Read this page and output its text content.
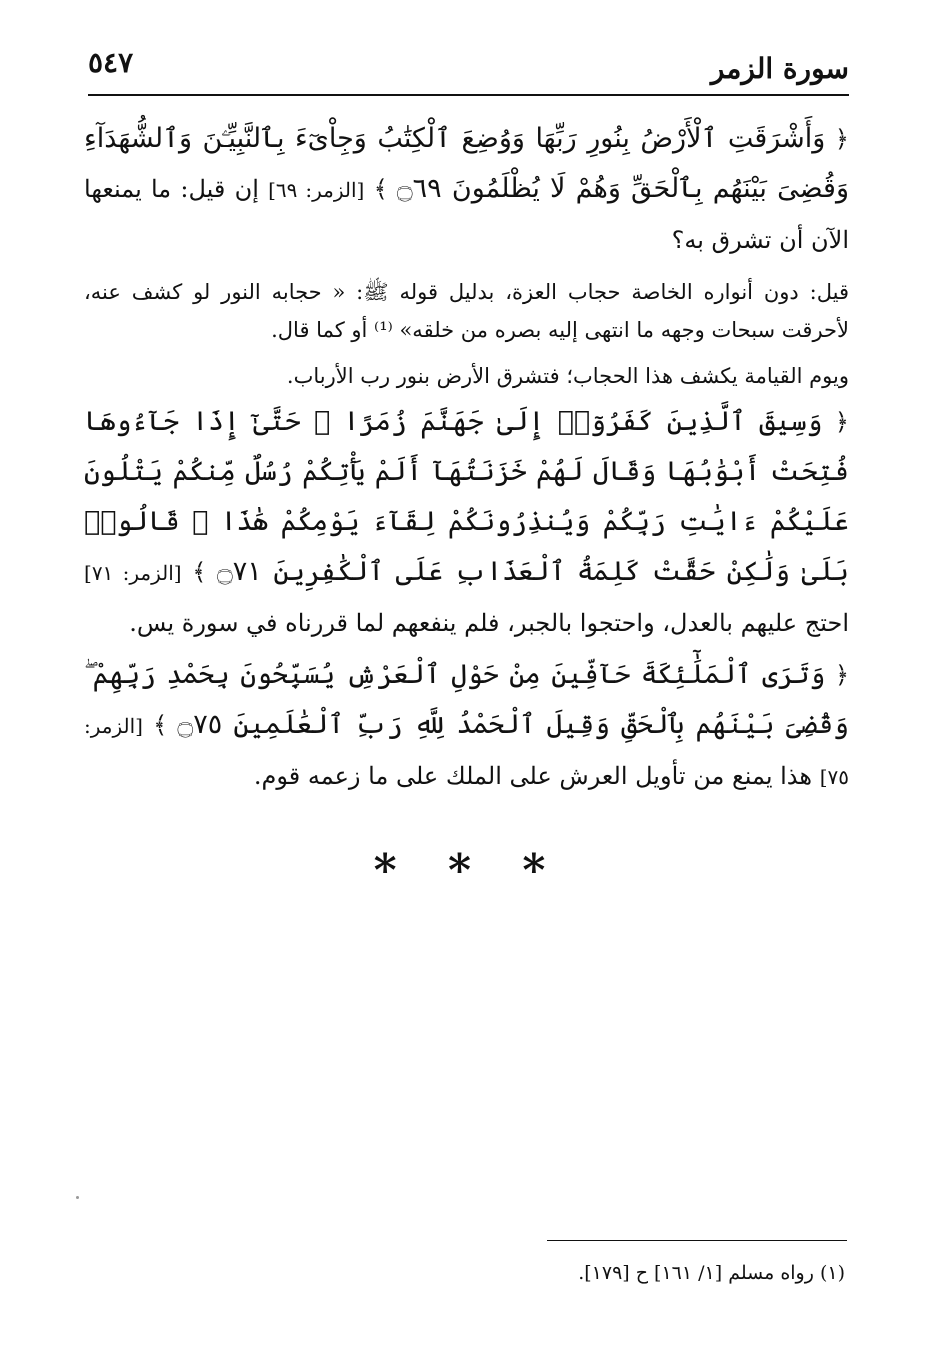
سورة الزمر
٥٤٧

﴿ وَأَشْرَقَتِ ٱلْأَرْضُ بِنُورِ رَبِّهَا وَوُضِعَ ٱلْكِتَٰبُ وَجِاْىٓءَ بِٱلنَّبِيِّـۧنَ وَٱلشُّهَدَآءِ وَقُضِىَ بَيْنَهُم بِٱلْحَقِّ وَهُمْ لَا يُظْلَمُونَ ۝٦٩ ﴾ [الزمر: ٦٩] إن قيل: ما يمنعها الآن أن تشرق به؟

قيل: دون أنواره الخاصة حجاب العزة، بدليل قوله ﷺ: « حجابه النور لو كشف عنه، لأحرقت سبحات وجهه ما انتهى إليه بصره من خلقه» ⁽¹⁾ أو كما قال.

ويوم القيامة يكشف هذا الحجاب؛ فتشرق الأرض بنور رب الأرباب.

﴿ وَسِيقَ ٱلَّذِينَ كَفَرُوٓا۟ إِلَىٰ جَهَنَّمَ زُمَرًا ۖ حَتَّىٰٓ إِذَا جَآءُوهَا فُتِحَتْ أَبْوَٰبُهَا وَقَالَ لَهُمْ خَزَنَتُهَآ أَلَمْ يَأْتِكُمْ رُسُلٌ مِّنكُمْ يَتْلُونَ عَلَيْكُمْ ءَايَٰتِ رَبِّكُمْ وَيُنذِرُونَكُمْ لِقَآءَ يَوْمِكُمْ هَٰذَا ۚ قَالُوا۟ بَلَىٰ وَلَٰكِنْ حَقَّتْ كَلِمَةُ ٱلْعَذَابِ عَلَى ٱلْكَٰفِرِينَ ۝٧١ ﴾ [الزمر: ٧١] احتج عليهم بالعدل، واحتجوا بالجبر، فلم ينفعهم لما قررناه في سورة يس.

﴿ وَتَرَى ٱلْمَلَٰٓئِكَةَ حَآفِّينَ مِنْ حَوْلِ ٱلْعَرْشِ يُسَبِّحُونَ بِحَمْدِ رَبِّهِمْ ۖ وَقُضِىَ بَيْنَهُم بِٱلْحَقِّ وَقِيلَ ٱلْحَمْدُ لِلَّهِ رَبِّ ٱلْعَٰلَمِينَ ۝٧٥ ﴾ [الزمر: ٧٥] هذا يمنع من تأويل العرش على الملك على ما زعمه قوم.

* * *
(١) رواه مسلم [١/ ١٦١] ح [١٧٩].
